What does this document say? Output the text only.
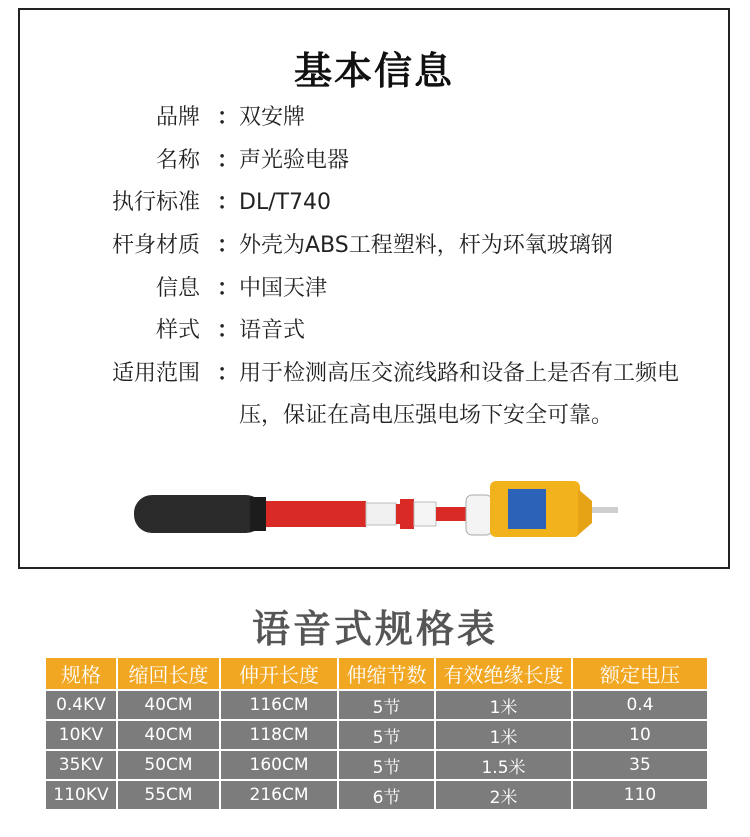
基本信息
品牌 ： 双安牌
名称 ： 声光验电器
执行标准 ： DL/T740
杆身材质 ： 外壳为ABS工程塑料，杆为环氧玻璃钢
信息 ： 中国天津
样式 ： 语音式
适用范围 ： 用于检测高压交流线路和设备上是否有工频电压，保证在高电压强电场下安全可靠。
语音式规格表
规格	缩回长度	伸开长度	伸缩节数	有效绝缘长度	额定电压
0.4KV	40CM	116CM	5节	1米	0.4
10KV	40CM	118CM	5节	1米	10
35KV	50CM	160CM	5节	1.5米	35
110KV	55CM	216CM	6节	2米	110
